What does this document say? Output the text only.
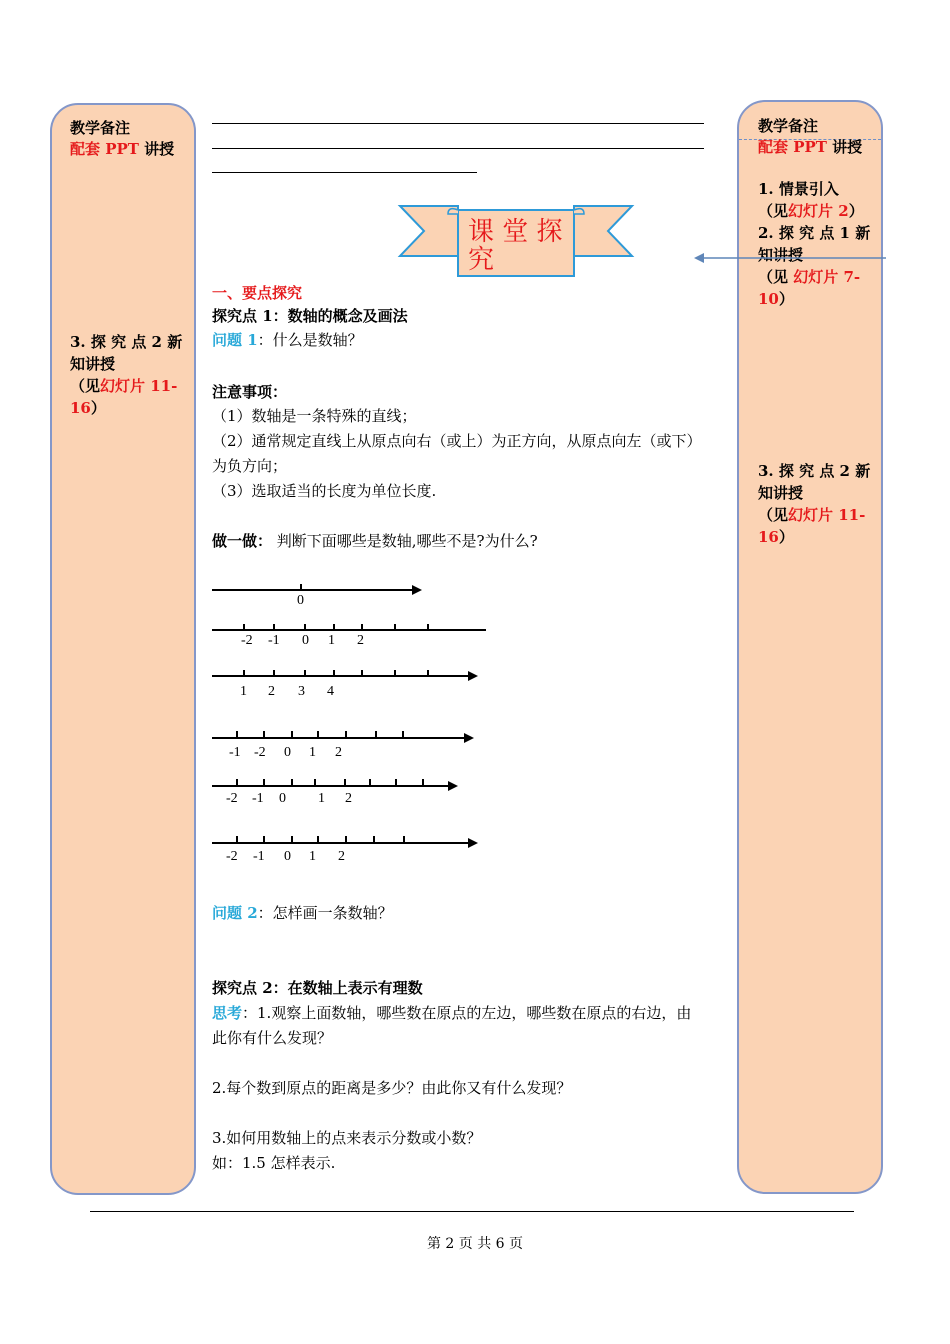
教学备注
配套 PPT 讲授
3. 探 究 点 2 新
知讲授
（见幻灯片 11-
16）
教学备注
配套 PPT 讲授
1. 情景引入
（见幻灯片 2）
2. 探 究 点 1 新
知讲授
（见 幻灯片 7-
10）
3. 探 究 点 2 新
知讲授
（见幻灯片 11-
16）
课 堂 探
究
一、要点探究
探究点 1：数轴的概念及画法
问题 1：什么是数轴？
注意事项：
（1）数轴是一条特殊的直线；
（2）通常规定直线上从原点向右（或上）为正方向，从原点向左（或下）
为负方向；
（3）选取适当的长度为单位长度.
做一做： 判断下面哪些是数轴,哪些不是?为什么?
0
-2 -1 0 1 2
1 2 3 4
-1 -2 0 1 2
-2 -1 0 1 2
-2 -1 0 1 2
问题 2：怎样画一条数轴？
探究点 2：在数轴上表示有理数
思考：1.观察上面数轴，哪些数在原点的左边，哪些数在原点的右边，由
此你有什么发现？
2.每个数到原点的距离是多少？由此你又有什么发现？
3.如何用数轴上的点来表示分数或小数？
如：1.5 怎样表示.
第 2 页 共 6 页
